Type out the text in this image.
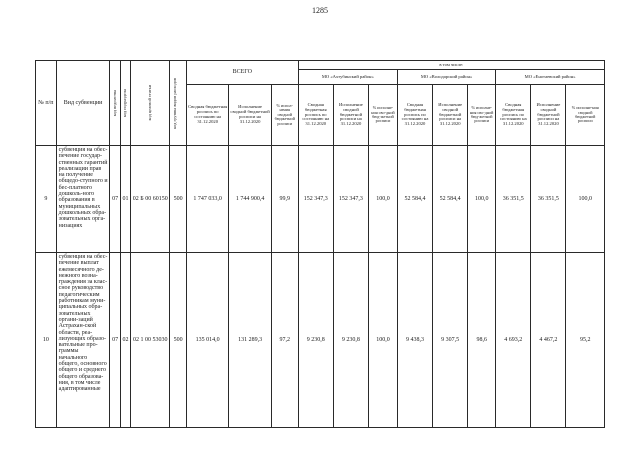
1285
№ п/п	Вид субвенции	код ведомства	код подраздела	код целевой статьи	код группы видов расходов	ВСЕГО			в том числе:								
									МО «Ахтубинский район»			МО «Володарский район»			МО «Енотаевский район»		
						Сводная бюджетная роспись по состоянию на 31.12.2020	Исполнение сводной бюджетной росписи на 31.12.2020	% испол-нения сводной бюджетной росписи	Сводная бюджетная роспись по состоянию на 31.12.2020	Исполнение сводной бюджетной росписи на 31.12.2020	% исполне-ния сво-дной бюд-жетной росписи	Сводная бюджетная роспись по состоянию на 31.12.2020	Исполнение сводной бюджетной росписи на 31.12.2020	% исполне-ния сво-дной бюд-жетной росписи	Сводная бюджетная роспись по состоянию на 31.12.2020	Исполнение сводной бюджетной росписи на 31.12.2020	% исполне-ния сводной бюджетной росписи
9	субвенция на обес-печение государ-ственных гарантий реализации прав на получение общедо-ступного и бес-платного дошколь-ного образования в муниципальных дошкольных обра-зовательных орга-низациях	07	01	02 Б 00 60150	500	1 747 033,0	1 744 900,4	99,9	152 347,3	152 347,3	100,0	52 584,4	52 584,4	100,0	36 351,5	36 351,5	100,0
10	субвенция на обес-печение выплат ежемесячного де-нежного возна-граждения за клас-сное руководство педагогическим работникам муни-ципальных обра-зовательных органи-заций Астрахан-ской области, реа-лизующих образо-вательные про-граммы начального общего, основного общего и среднего общего образова-ния, в том числе адаптированные	07	02	02 1 00 53030	500	135 014,0	131 289,3	97,2	9 230,8	9 230,8	100,0	9 438,3	9 307,5	98,6	4 693,2	4 467,2	95,2
